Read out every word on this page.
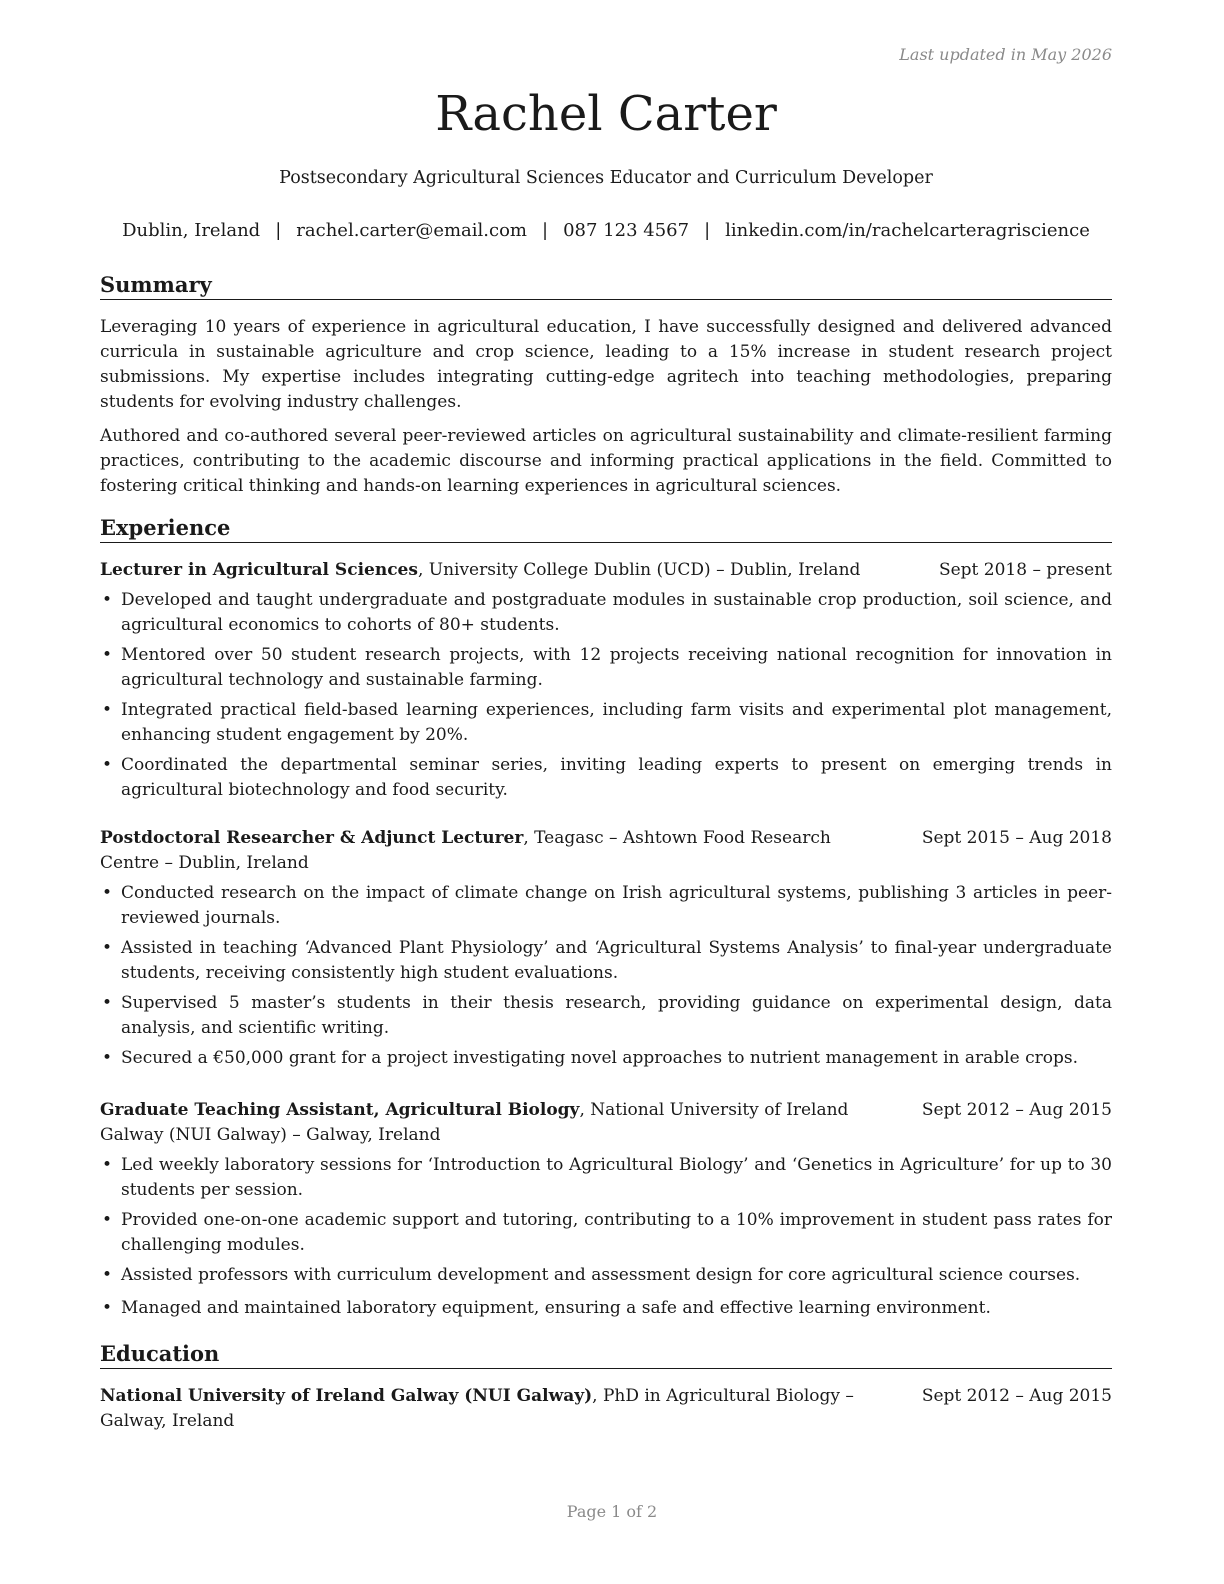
Last updated in May 2026
Rachel Carter
Postsecondary Agricultural Sciences Educator and Curriculum Developer
Dublin, Ireland | rachel.carter@email.com | 087 123 4567 | linkedin.com/in/rachelcarteragriscience
Summary

Leveraging 10 years of experience in agricultural education, I have successfully designed and delivered advanced curricula in sustainable agriculture and crop science, leading to a 15% increase in student research project submissions. My expertise includes integrating cutting-edge agritech into teaching methodologies, preparing students for evolving industry challenges.

Authored and co-authored several peer-reviewed articles on agricultural sustainability and climate-resilient farming practices, contributing to the academic discourse and informing practical applications in the field. Committed to fostering critical thinking and hands-on learning experiences in agricultural sciences.

Experience
Lecturer in Agricultural Sciences, University College Dublin (UCD) – Dublin, Ireland	Sept 2018 – present
• Developed and taught undergraduate and postgraduate modules in sustainable crop production, soil science, and agricultural economics to cohorts of 80+ students.
• Mentored over 50 student research projects, with 12 projects receiving national recognition for innovation in agricultural technology and sustainable farming.
• Integrated practical field-based learning experiences, including farm visits and experimental plot management, enhancing student engagement by 20%.
• Coordinated the departmental seminar series, inviting leading experts to present on emerging trends in agricultural biotechnology and food security.
Postdoctoral Researcher & Adjunct Lecturer, Teagasc – Ashtown Food Research Centre – Dublin, Ireland
Sept 2015 – Aug 2018
• Conducted research on the impact of climate change on Irish agricultural systems, publishing 3 articles in peer-reviewed journals.
• Assisted in teaching ‘Advanced Plant Physiology’ and ‘Agricultural Systems Analysis’ to final-year undergraduate students, receiving consistently high student evaluations.
• Supervised 5 master’s students in their thesis research, providing guidance on experimental design, data analysis, and scientific writing.
• Secured a €50,000 grant for a project investigating novel approaches to nutrient management in arable crops.
Graduate Teaching Assistant, Agricultural Biology, National University of Ireland Galway (NUI Galway) – Galway, Ireland
Sept 2012 – Aug 2015
• Led weekly laboratory sessions for ‘Introduction to Agricultural Biology’ and ‘Genetics in Agriculture’ for up to 30 students per session.
• Provided one-on-one academic support and tutoring, contributing to a 10% improvement in student pass rates for challenging modules.
• Assisted professors with curriculum development and assessment design for core agricultural science courses.
• Managed and maintained laboratory equipment, ensuring a safe and effective learning environment.
Education
National University of Ireland Galway (NUI Galway), PhD in Agricultural Biology – Galway, Ireland
Sept 2012 – Aug 2015
Page 1 of 2
